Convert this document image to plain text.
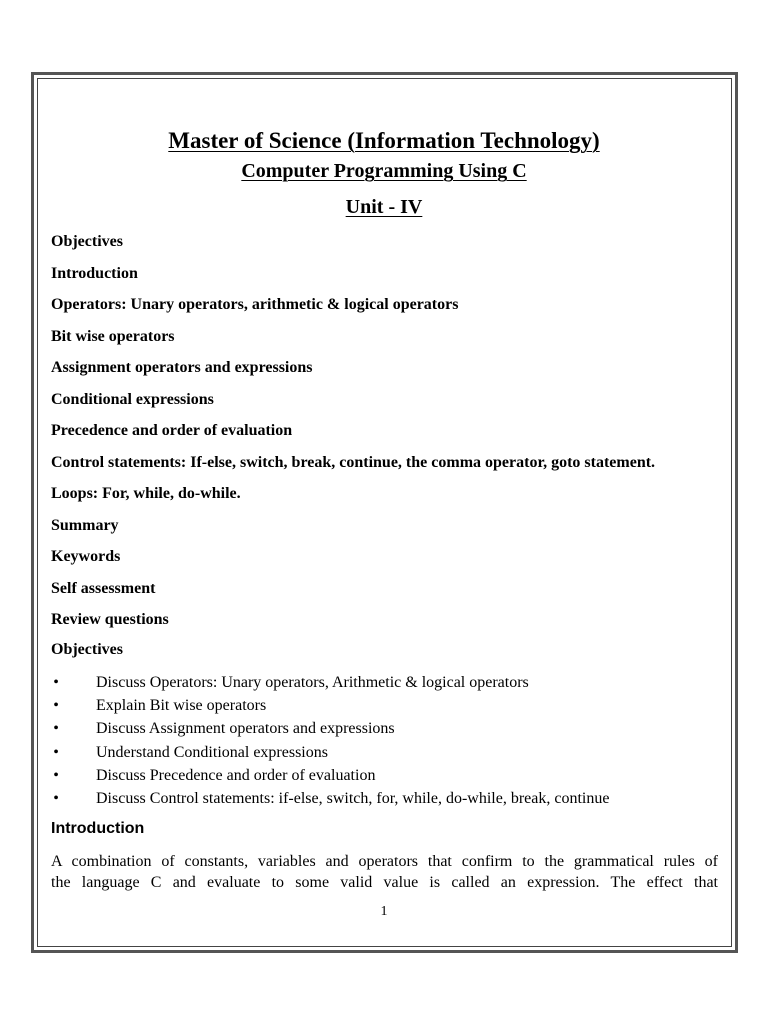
Master of Science (Information Technology)
Computer Programming Using C
Unit - IV
Objectives
Introduction
Operators: Unary operators, arithmetic & logical operators
Bit wise operators
Assignment operators and expressions
Conditional expressions
Precedence and order of evaluation
Control statements: If-else, switch, break, continue, the comma operator, goto statement.
Loops: For, while, do-while.
Summary
Keywords
Self assessment
Review questions
Objectives
• Discuss Operators: Unary operators, Arithmetic & logical operators
• Explain Bit wise operators
• Discuss Assignment operators and expressions
• Understand Conditional expressions
• Discuss Precedence and order of evaluation
• Discuss Control statements: if-else, switch, for, while, do-while, break, continue
Introduction

A combination of constants, variables and operators that confirm to the grammatical rules of
the language C and evaluate to some valid value is called an expression. The effect that

1
